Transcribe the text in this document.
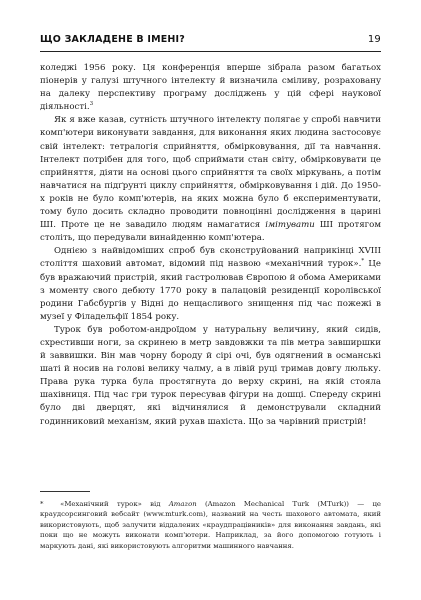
ЩО ЗАКЛАДЕНЕ В ІМЕНІ?	19

коледжі 1956 року. Ця конференція вперше зібрала разом багатьох піонерів у галузі штучного інтелекту й визначила сміливу, розраховану на далеку перспективу програму досліджень у цій сфері наукової діяльності.$^3$

Як я вже казав, сутність штучного інтелекту полягає у спробі навчити комп'ютери виконувати завдання, для виконання яких людина застосовує свій інтелект: тетралогія сприйняття, обмірковування, дії та навчання. Інтелект потрібен для того, щоб сприймати стан світу, обмірковувати це сприйняття, діяти на основі цього сприйняття та своїх міркувань, а потім навчатися на підґрунті циклу сприйняття, обмірковування і дій. До 1950-х років не було комп'ютерів, на яких можна було б експериментувати, тому було досить складно проводити повноцінні дослідження в царині ШІ. Проте це не завадило людям намагатися імітувати ШІ протягом століть, що передували винайденню комп'ютера.

Однією з найвідоміших спроб був сконструйований наприкінці XVIII століття шаховий автомат, відомий під назвою «механічний турок».* Це був вражаючий пристрій, який гастролював Європою й обома Америками з моменту свого дебюту 1770 року в палацовій резиденції королівської родини Габсбургів у Відні до нещасливого знищення під час пожежі в музеї у Філадельфії 1854 року.

Турок був роботом-андроїдом у натуральну величину, який сидів, схрестивши ноги, за скринею в метр завдовжки та пів метра завширшки й заввишки. Він мав чорну бороду й сірі очі, був одягнений в османські шаті й носив на голові велику чалму, а в лівій руці тримав довгу люльку. Права рука турка була простягнута до верху скрині, на якій стояла шахівниця. Під час гри турок пересував фігури на дошці. Спереду скрині було дві дверцят, які відчинялися й демонстрували складний годинниковий механізм, який рухав шахіста. Що за чарівний пристрій!

* «Механічний турок» від Amazon (Amazon Mechanical Turk (MTurk)) — це краудсорсинговий вебсайт (www.mturk.com), названий на честь шахового автомата, який використовують, щоб залучити віддалених «краудпрацівників» для виконання завдань, які поки що не можуть виконати комп'ютери. Наприклад, за його допомогою готують і маркують дані, які використовують алгоритми машинного навчання.
